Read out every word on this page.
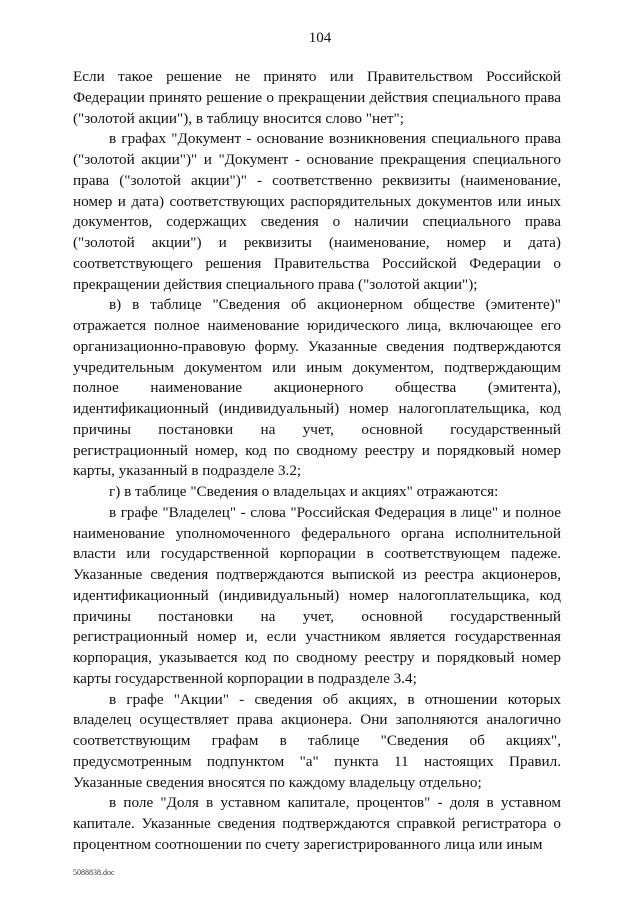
104

Если такое решение не принято или Правительством Российской Федерации принято решение о прекращении действия специального права ("золотой акции"), в таблицу вносится слово "нет";

в графах "Документ - основание возникновения специального права ("золотой акции")" и "Документ - основание прекращения специального права ("золотой акции")" - соответственно реквизиты (наименование, номер и дата) соответствующих распорядительных документов или иных документов, содержащих сведения о наличии специального права ("золотой акции") и реквизиты (наименование, номер и дата) соответствующего решения Правительства Российской Федерации о прекращении действия специального права ("золотой акции");

в) в таблице "Сведения об акционерном обществе (эмитенте)" отражается полное наименование юридического лица, включающее его организационно-правовую форму. Указанные сведения подтверждаются учредительным документом или иным документом, подтверждающим полное наименование акционерного общества (эмитента), идентификационный (индивидуальный) номер налогоплательщика, код причины постановки на учет, основной государственный регистрационный номер, код по сводному реестру и порядковый номер карты, указанный в подразделе 3.2;

г) в таблице "Сведения о владельцах и акциях" отражаются:

в графе "Владелец" - слова "Российская Федерация в лице" и полное наименование уполномоченного федерального органа исполнительной власти или государственной корпорации в соответствующем падеже. Указанные сведения подтверждаются выпиской из реестра акционеров, идентификационный (индивидуальный) номер налогоплательщика, код причины постановки на учет, основной государственный регистрационный номер и, если участником является государственная корпорация, указывается код по сводному реестру и порядковый номер карты государственной корпорации в подразделе 3.4;

в графе "Акции" - сведения об акциях, в отношении которых владелец осуществляет права акционера. Они заполняются аналогично соответствующим графам в таблице "Сведения об акциях", предусмотренным подпунктом "а" пункта 11 настоящих Правил. Указанные сведения вносятся по каждому владельцу отдельно;

в поле "Доля в уставном капитале, процентов" - доля в уставном капитале. Указанные сведения подтверждаются справкой регистратора о процентном соотношении по счету зарегистрированного лица или иным

5088838.doc
